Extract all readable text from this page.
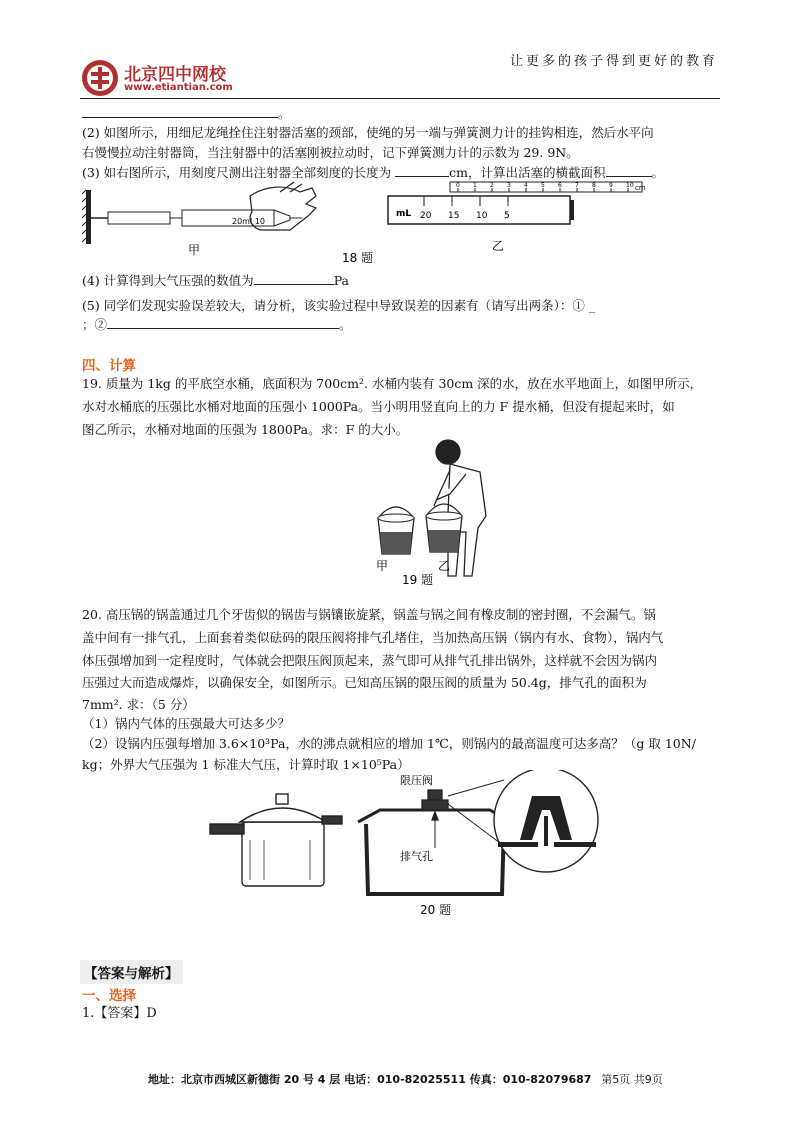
北京四中网校
www.etiantian.com
让更多的孩子得到更好的教育
。
(2) 如图所示，用细尼龙绳拴住注射器活塞的颈部，使绳的另一端与弹簧测力计的挂钩相连，然后水平向
右慢慢拉动注射器筒，当注射器中的活塞刚被拉动时，记下弹簧测力计的示数为 29. 9N。
(3) 如右图所示，用刻度尺测出注射器全部刻度的长度为	cm，计算出活塞的横截面积	。
20ml 10
甲
18 题
0 1 2 3 4 5 6 7 8 9 10 cm
mL 20 15 10 5
乙
(4) 计算得到大气压强的数值为	Pa
(5) 同学们发现实验误差较大，请分析，该实验过程中导致误差的因素有（请写出两条）：① _
；②	。
四、计算
19. 质量为 1kg 的平底空水桶，底面积为 700cm². 水桶内装有 30cm 深的水，放在水平地面上，如图甲所示，
水对水桶底的压强比水桶对地面的压强小 1000Pa。当小明用竖直向上的力 F 提水桶，但没有提起来时，如
图乙所示，水桶对地面的压强为 1800Pa。求：F 的大小。
甲	乙
19 题
20. 高压锅的锅盖通过几个牙齿似的锅齿与锅镶嵌旋紧，锅盖与锅之间有橡皮制的密封圈，不会漏气。锅
盖中间有一排气孔，上面套着类似砝码的限压阀将排气孔堵住，当加热高压锅（锅内有水、食物），锅内气
体压强增加到一定程度时，气体就会把限压阀顶起来，蒸气即可从排气孔排出锅外，这样就不会因为锅内
压强过大而造成爆炸，以确保安全，如图所示。已知高压锅的限压阀的质量为 50.4g，排气孔的面积为
7mm². 求：（5 分）
（1）锅内气体的压强最大可达多少？
（2）设锅内压强每增加 3.6×10³Pa，水的沸点就相应的增加 1℃，则锅内的最高温度可达多高？（g 取 10N/
kg；外界大气压强为 1 标准大气压，计算时取 1×10⁵Pa）
限压阀
排气孔
20 题
【答案与解析】
一、选择
1.【答案】D
地址：北京市西城区新德街 20 号 4 层 电话：010-82025511 传真：010-82079687 第5页 共9页
